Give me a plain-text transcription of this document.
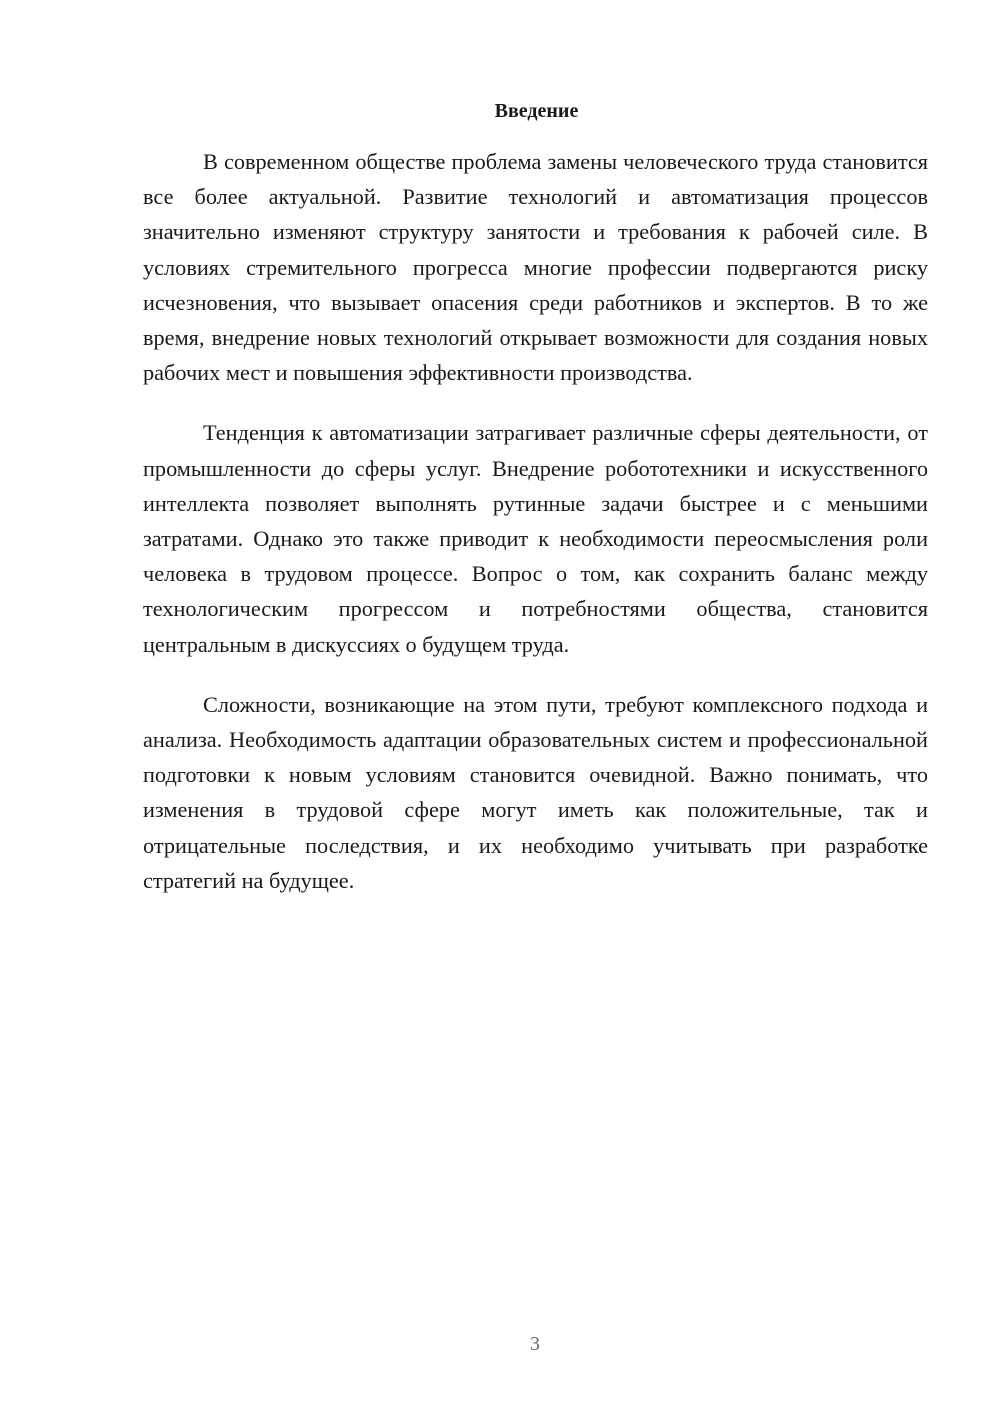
Введение

В современном обществе проблема замены человеческого труда становится все более актуальной. Развитие технологий и автоматизация процессов значительно изменяют структуру занятости и требования к рабочей силе. В условиях стремительного прогресса многие профессии подвергаются риску исчезновения, что вызывает опасения среди работников и экспертов. В то же время, внедрение новых технологий открывает возможности для создания новых рабочих мест и повышения эффективности производства.

Тенденция к автоматизации затрагивает различные сферы деятельности, от промышленности до сферы услуг. Внедрение робототехники и искусственного интеллекта позволяет выполнять рутинные задачи быстрее и с меньшими затратами. Однако это также приводит к необходимости переосмысления роли человека в трудовом процессе. Вопрос о том, как сохранить баланс между технологическим прогрессом и потребностями общества, становится центральным в дискуссиях о будущем труда.

Сложности, возникающие на этом пути, требуют комплексного подхода и анализа. Необходимость адаптации образовательных систем и профессиональной подготовки к новым условиям становится очевидной. Важно понимать, что изменения в трудовой сфере могут иметь как положительные, так и отрицательные последствия, и их необходимо учитывать при разработке стратегий на будущее.

3
